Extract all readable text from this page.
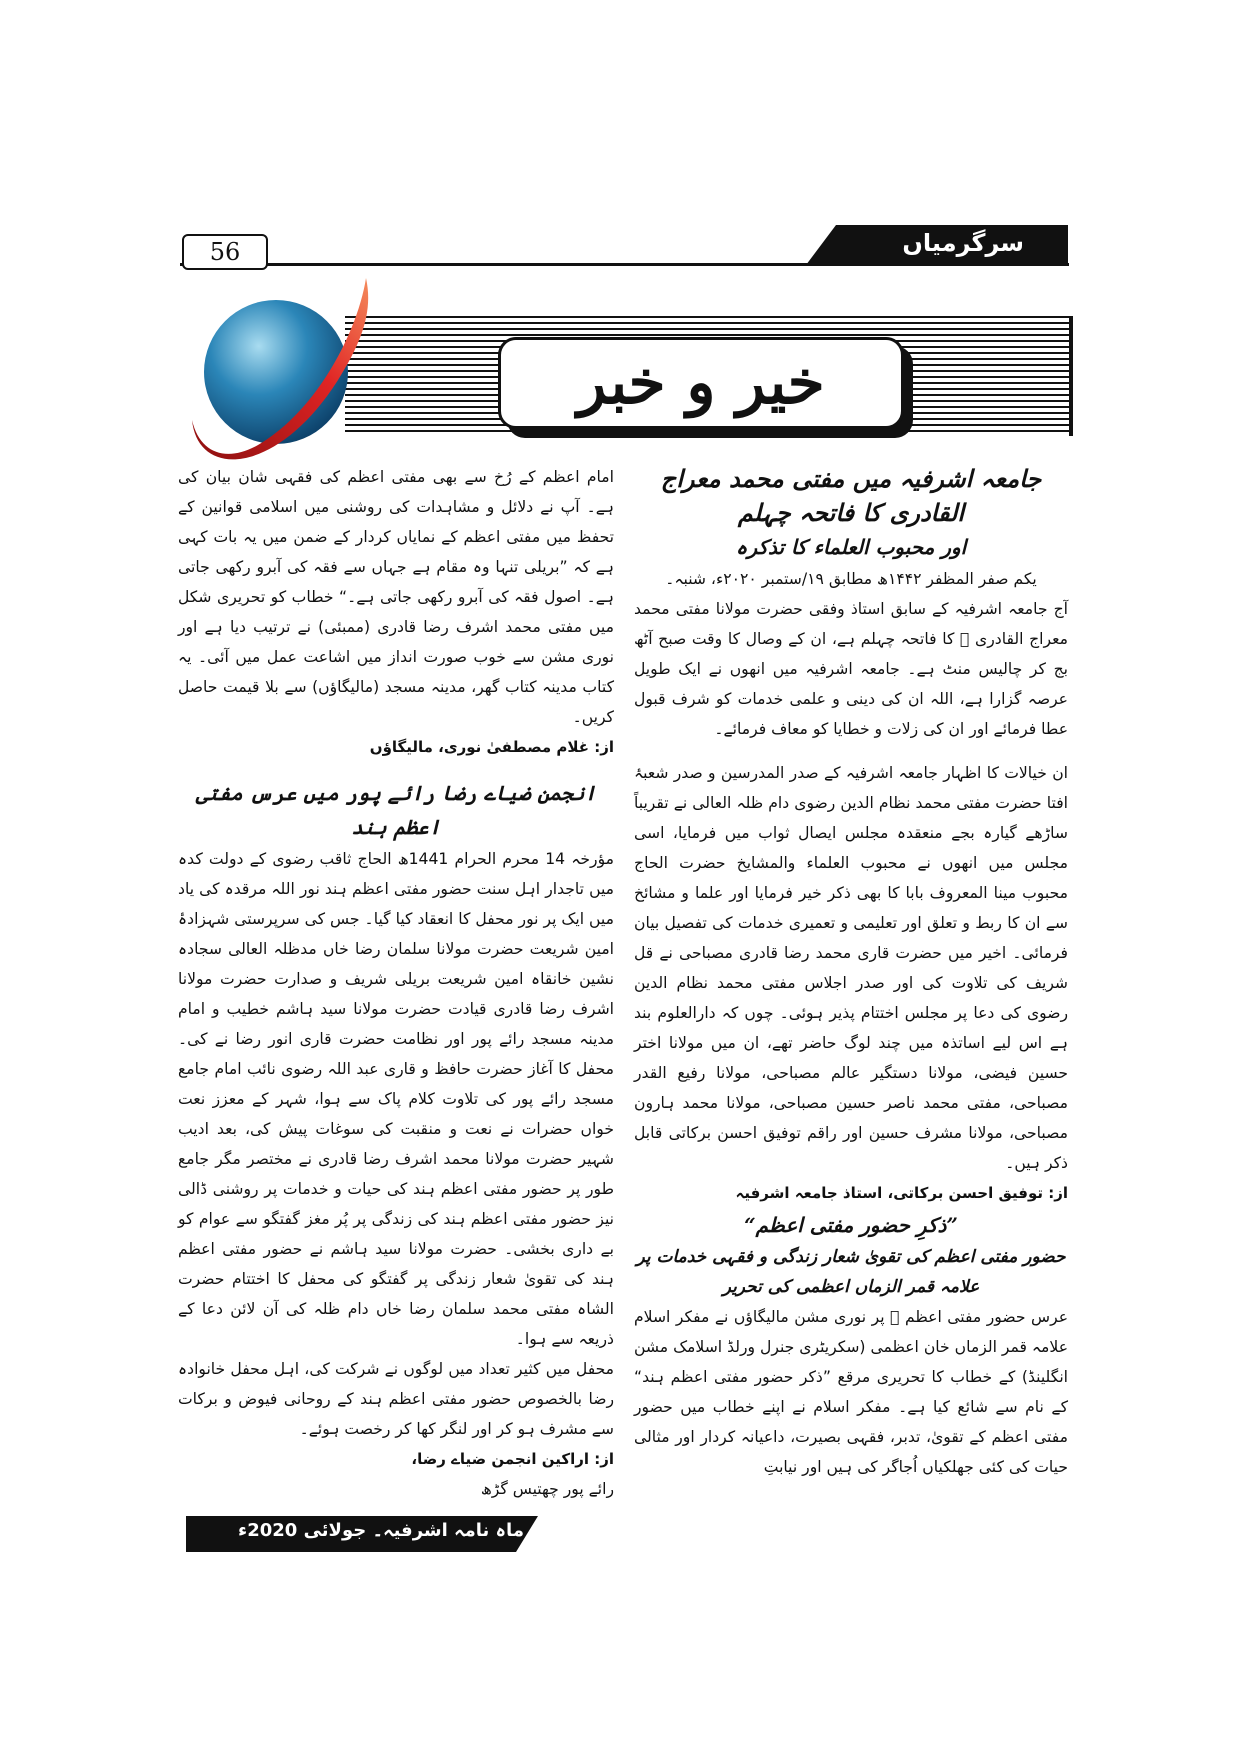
56	سرگرمیاں
خیر و خبر

جامعہ اشرفیہ میں مفتی محمد معراج القادری کا فاتحہ چہلم

اور محبوب العلماء کا تذکرہ

یکم صفر المظفر ۱۴۴۲ھ مطابق ۱۹/ستمبر ۲۰۲۰ء، شنبہ۔

آج جامعہ اشرفیہ کے سابق استاذ وفقی حضرت مولانا مفتی محمد معراج القادری ﷫ کا فاتحہ چہلم ہے، ان کے وصال کا وقت صبح آٹھ بج کر چالیس منٹ ہے۔ جامعہ اشرفیہ میں انھوں نے ایک طویل عرصہ گزارا ہے، اللہ ان کی دینی و علمی خدمات کو شرف قبول عطا فرمائے اور ان کی زلات و خطایا کو معاف فرمائے۔

ان خیالات کا اظہار جامعہ اشرفیہ کے صدر المدرسین و صدر شعبۂ افتا حضرت مفتی محمد نظام الدین رضوی دام ظلہ العالی نے تقریباً ساڑھے گیارہ بجے منعقدہ مجلس ایصال ثواب میں فرمایا، اسی مجلس میں انھوں نے محبوب العلماء والمشایخ حضرت الحاج محبوب مینا المعروف بابا کا بھی ذکر خیر فرمایا اور علما و مشائخ سے ان کا ربط و تعلق اور تعلیمی و تعمیری خدمات کی تفصیل بیان فرمائی۔ اخیر میں حضرت قاری محمد رضا قادری مصباحی نے قل شریف کی تلاوت کی اور صدر اجلاس مفتی محمد نظام الدین رضوی کی دعا پر مجلس اختتام پذیر ہوئی۔ چوں کہ دارالعلوم بند ہے اس لیے اساتذہ میں چند لوگ حاضر تھے، ان میں مولانا اختر حسین فیضی، مولانا دستگیر عالم مصباحی، مولانا رفیع القدر مصباحی، مفتی محمد ناصر حسین مصباحی، مولانا محمد ہارون مصباحی، مولانا مشرف حسین اور راقم توفیق احسن برکاتی قابل ذکر ہیں۔

از: توفیق احسن برکاتی، استاذ جامعہ اشرفیہ

”ذکرِ حضور مفتی اعظم“

حضور مفتی اعظم کی تقویٰ شعار زندگی و فقہی خدمات پر

علامہ قمر الزماں اعظمی کی تحریر

عرس حضور مفتی اعظم ﷯ پر نوری مشن مالیگاؤں نے مفکر اسلام علامہ قمر الزماں خان اعظمی (سکریٹری جنرل ورلڈ اسلامک مشن انگلینڈ) کے خطاب کا تحریری مرقع ”ذکر حضور مفتی اعظم ہند“ کے نام سے شائع کیا ہے۔ مفکر اسلام نے اپنے خطاب میں حضور مفتی اعظم کے تقویٰ، تدبر، فقہی بصیرت، داعیانہ کردار اور مثالی حیات کی کئی جھلکیاں اُجاگر کی ہیں اور نیابتِ

امام اعظم کے رُخ سے بھی مفتی اعظم کی فقہی شان بیان کی ہے۔ آپ نے دلائل و مشاہدات کی روشنی میں اسلامی قوانین کے تحفظ میں مفتی اعظم کے نمایاں کردار کے ضمن میں یہ بات کہی ہے کہ ”بریلی تنہا وہ مقام ہے جہاں سے فقہ کی آبرو رکھی جاتی ہے۔ اصول فقہ کی آبرو رکھی جاتی ہے۔“ خطاب کو تحریری شکل میں مفتی محمد اشرف رضا قادری (ممبئی) نے ترتیب دیا ہے اور نوری مشن سے خوب صورت انداز میں اشاعت عمل میں آئی۔ یہ کتاب مدینہ کتاب گھر، مدینہ مسجد (مالیگاؤں) سے بلا قیمت حاصل کریں۔

از: غلام مصطفیٰ نوری، مالیگاؤں

انجمن ضیاے رضا رائے پور میں عرس مفتی اعظم ہند

مؤرخہ 14 محرم الحرام 1441ھ الحاج ثاقب رضوی کے دولت کدہ میں تاجدار اہل سنت حضور مفتی اعظم ہند نور اللہ مرقدہ کی یاد میں ایک پر نور محفل کا انعقاد کیا گیا۔ جس کی سرپرستی شہزادۂ امین شریعت حضرت مولانا سلمان رضا خاں مدظلہ العالی سجادہ نشین خانقاہ امین شریعت بریلی شریف و صدارت حضرت مولانا اشرف رضا قادری قیادت حضرت مولانا سید ہاشم خطیب و امام مدینہ مسجد رائے پور اور نظامت حضرت قاری انور رضا نے کی۔ محفل کا آغاز حضرت حافظ و قاری عبد اللہ رضوی نائب امام جامع مسجد رائے پور کی تلاوت کلام پاک سے ہوا، شہر کے معزز نعت خواں حضرات نے نعت و منقبت کی سوغات پیش کی، بعد ادیب شہیر حضرت مولانا محمد اشرف رضا قادری نے مختصر مگر جامع طور پر حضور مفتی اعظم ہند کی حیات و خدمات پر روشنی ڈالی نیز حضور مفتی اعظم ہند کی زندگی پر پُر مغز گفتگو سے عوام کو بے داری بخشی۔ حضرت مولانا سید ہاشم نے حضور مفتی اعظم ہند کی تقویٰ شعار زندگی پر گفتگو کی محفل کا اختتام حضرت الشاہ مفتی محمد سلمان رضا خاں دام ظلہ کی آن لائن دعا کے ذریعہ سے ہوا۔

محفل میں کثیر تعداد میں لوگوں نے شرکت کی، اہل محفل خانوادہ رضا بالخصوص حضور مفتی اعظم ہند کے روحانی فیوض و برکات سے مشرف ہو کر اور لنگر کھا کر رخصت ہوئے۔

از: اراکین انجمن ضیاے رضا،

رائے پور چھتیس گڑھ

ماہ نامہ اشرفیہ۔ جولائی 2020ء
